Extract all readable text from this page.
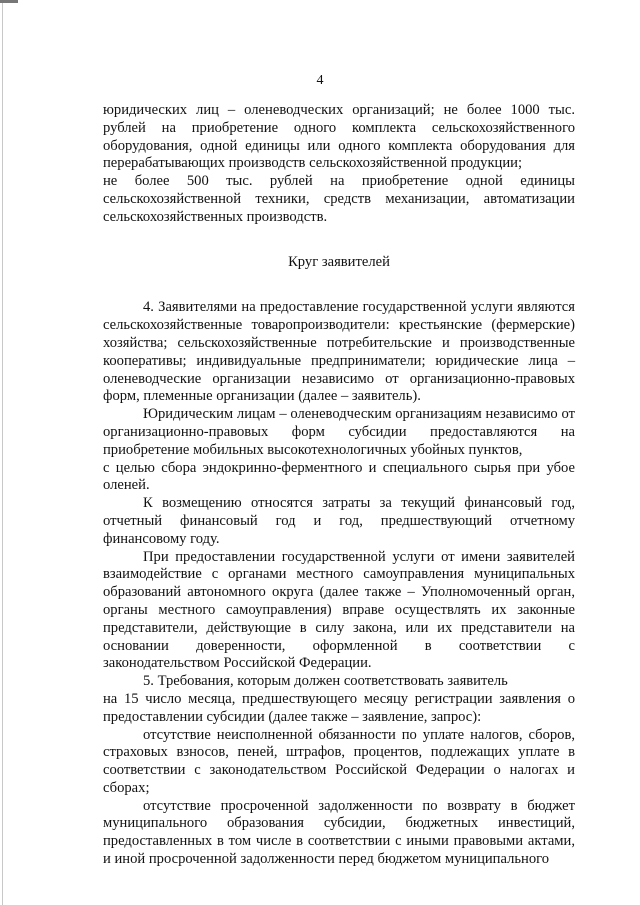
4

юридических лиц – оленеводческих организаций; не более 1000 тыс. рублей на приобретение одного комплекта сельскохозяйственного оборудования, одной единицы или одного комплекта оборудования для перерабатывающих производств сельскохозяйственной продукции;

не более 500 тыс. рублей на приобретение одной единицы сельскохозяйственной техники, средств механизации, автоматизации сельскохозяйственных производств.

Круг заявителей

4. Заявителями на предоставление государственной услуги являются сельскохозяйственные товаропроизводители: крестьянские (фермерские) хозяйства; сельскохозяйственные потребительские и производственные кооперативы; индивидуальные предприниматели; юридические лица – оленеводческие организации независимо от организационно-правовых форм, племенные организации (далее – заявитель).

Юридическим лицам – оленеводческим организациям независимо от организационно-правовых форм субсидии предоставляются на приобретение мобильных высокотехнологичных убойных пунктов,

с целью сбора эндокринно-ферментного и специального сырья при убое оленей.

К возмещению относятся затраты за текущий финансовый год, отчетный финансовый год и год, предшествующий отчетному финансовому году.

При предоставлении государственной услуги от имени заявителей взаимодействие с органами местного самоуправления муниципальных образований автономного округа (далее также – Уполномоченный орган, органы местного самоуправления) вправе осуществлять их законные представители, действующие в силу закона, или их представители на основании доверенности, оформленной в соответствии с законодательством Российской Федерации.

5. Требования, которым должен соответствовать заявитель

на 15 число месяца, предшествующего месяцу регистрации заявления о предоставлении субсидии (далее также – заявление, запрос):

отсутствие неисполненной обязанности по уплате налогов, сборов, страховых взносов, пеней, штрафов, процентов, подлежащих уплате в соответствии с законодательством Российской Федерации о налогах и сборах;

отсутствие просроченной задолженности по возврату в бюджет муниципального образования субсидии, бюджетных инвестиций, предоставленных в том числе в соответствии с иными правовыми актами, и иной просроченной задолженности перед бюджетом муниципального
